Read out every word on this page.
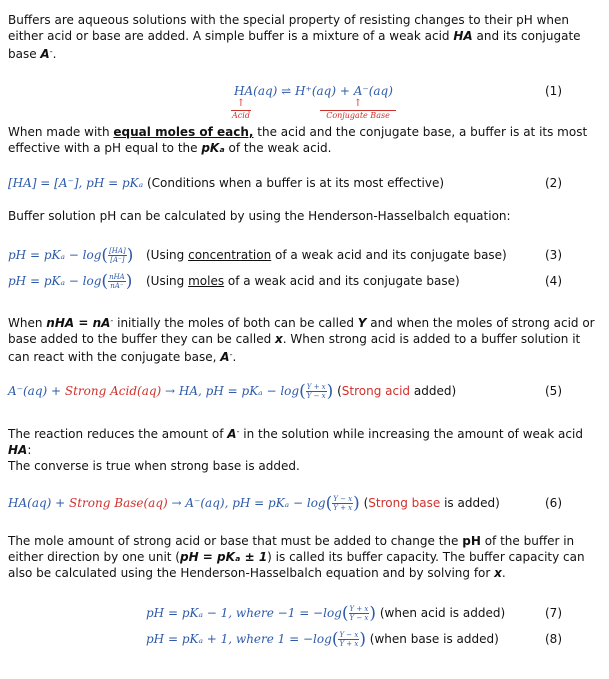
Buffers are aqueous solutions with the special property of resisting changes to their pH when either acid or base are added. A simple buffer is a mixture of a weak acid HA and its conjugate base A-.

HA(aq) ⇌ H⁺(aq) + A⁻(aq)	(1)
↑	↑
Acid	Conjugate Base

When made with equal moles of each, the acid and the conjugate base, a buffer is at its most effective with a pH equal to the pKₐ of the weak acid.

[HA] = [A⁻], pH = pKₐ (Conditions when a buffer is at its most effective)	(2)

Buffer solution pH can be calculated by using the Henderson-Hasselbalch equation:

pH = $pK_a - \log( \frac{[HA]}{[A^-]}$ ) (Using concentration of a weak acid and its conjugate base)	(3)
pH = $pK_a - \log( \frac{\text{nHA}}{nA^-}$ ) (Using moles of a weak acid and its conjugate base)	(4)

When nHA = nA- initially the moles of both can be called Y and when the moles of strong acid or base added to the buffer they can be called x. When strong acid is added to a buffer solution it can react with the conjugate base, A-.

A⁻(aq) + Strong Acid(aq) → HA, pH = $pK_a - \log( \frac{Y + x}{Y - x}$ ) (Strong acid added)	(5)

The reaction reduces the amount of A- in the solution while increasing the amount of weak acid HA:
The converse is true when strong base is added.

HA(aq) + Strong Base(aq) → A⁻(aq), pH = $pK_a - \log( \frac{Y - x}{Y + x}$ ) (Strong base is added)	(6)

The mole amount of strong acid or base that must be added to change the pH of the buffer in either direction by one unit (pH = pKₐ ± 1) is called its buffer capacity. The buffer capacity can also be calculated using the Henderson-Hasselbalch equation and by solving for x.

pH = pKₐ − 1, where $-1 = -\log( \frac{Y + x}{Y - x}$ ) (when acid is added)	(7)
pH = pKₐ + 1, where $1 = -\log( \frac{Y - x}{Y + x}$ ) (when base is added)	(8)
